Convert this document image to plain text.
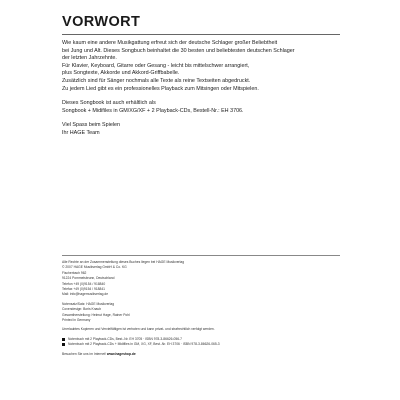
VORWORT

Wie kaum eine andere Musikgattung erfreut sich der deutsche Schlager großer Beliebtheit
bei Jung und Alt. Dieses Songbuch beinhaltet die 30 besten und beliebtesten deutschen Schlager
der letzten Jahrzehnte.
Für Klavier, Keyboard, Gitarre oder Gesang - leicht bis mittelschwer arrangiert,
plus Songtexte, Akkorde und Akkord-Griffbabelle.
Zusätzlich sind für Sänger nochmals alle Texte als reine Textseiten abgedruckt.
Zu jedem Lied gibt es ein professionelles Playback zum Mitsingen oder Mitspielen.

Dieses Songbook ist auch erhältlich als
Songbook + Midifiles in GM/XG/XF + 2 Playback-CDs, Bestell-Nr.: EH 3706.

Viel Spass beim Spielen
Ihr HAGE Team

Alle Rechte an der Zusammenstellung dieses Buches liegen bei HAGE Musikverlag
© 2007 HAGE Musikverlag GmbH & Co. KG
Fischerbach 962
91224 Pommelsbrunn, Deutschland
Telefon +49 (0)9154 / 918840
Telefax +49 (0)9154 / 918841
Mail: info@hagemusikverlag.de
Notensatz/Satz: HAGE Musikverlag
Covendesign: Boris Knaub
Gesamtherstellung: Helmut Hage, Rainer Pohl
Printed in Germany
Unerlaubtes Kopieren und Vervielfältigen ist verboten und kann privat- und strafrechtlich verfolgt werden.
Notenbuch mit 2 Playback-CDs, Best.-Nr. EH 3705 · ISBN 978-3-86626-056-7
Notenbuch mit 2 Playback-CDs + Midifiles in GM, XG, XF, Best.-Nr. EH 3706 · ISBN 978-3-86626-065-3
Besuchen Sie uns im Internet! www.hageshop.de
